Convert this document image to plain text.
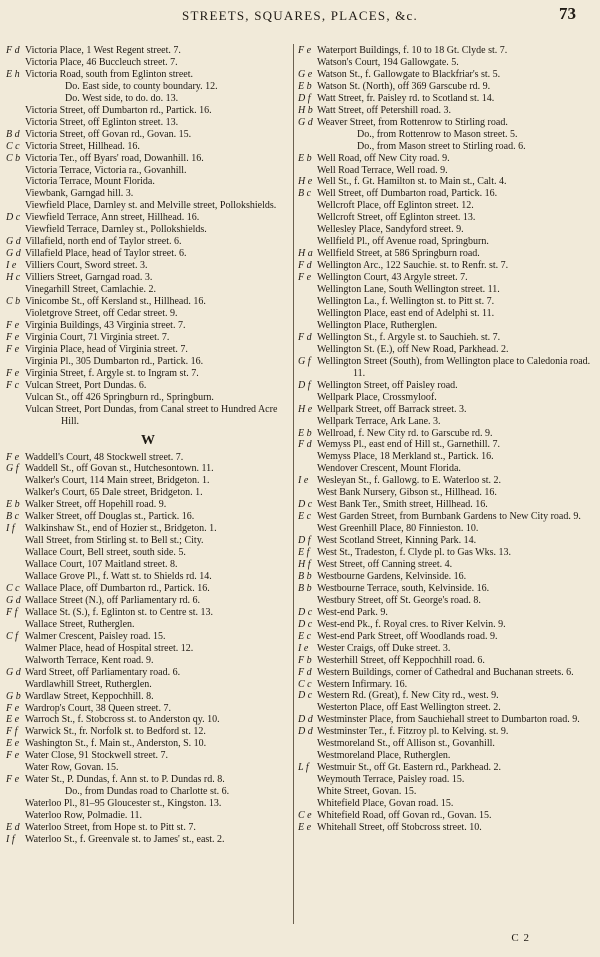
STREETS, SQUARES, PLACES, &c.	73
F d Victoria Place, 1 West Regent street. 7.
Victoria Place, 46 Buccleuch street. 7.
E h Victoria Road, south from Eglinton street.
Do. East side, to county boundary. 12.
Do. West side, to do. do. 13.
Victoria Street, off Dumbarton rd., Partick. 16.
Victoria Street, off Eglinton street. 13.
B d Victoria Street, off Govan rd., Govan. 15.
C c Victoria Street, Hillhead. 16.
C b Victoria Ter., off Byars' road, Dowanhill. 16.
Victoria Terrace, Victoria ra., Govanhill.
Victoria Terrace, Mount Florida.
Viewbank, Garngad hill. 3.
Viewfield Place, Darnley st. and Melville street, Pollokshields.
D c Viewfield Terrace, Ann street, Hillhead. 16.
Viewfield Terrace, Darnley st., Pollokshields.
G d Villafield, north end of Taylor street. 6.
G d Villafield Place, head of Taylor street. 6.
I e Villiers Court, Sword street. 3.
H c Villiers Street, Garngad road. 3.
Vinegarhill Street, Camlachie. 2.
C b Vinicombe St., off Kersland st., Hillhead. 16.
Violetgrove Street, off Cedar street. 9.
F e Virginia Buildings, 43 Virginia street. 7.
F e Virginia Court, 71 Virginia street. 7.
F e Virginia Place, head of Virginia street. 7.
Virginia Pl., 305 Dumbarton rd., Partick. 16.
F e Virginia Street, f. Argyle st. to Ingram st. 7.
F c Vulcan Street, Port Dundas. 6.
Vulcan St., off 426 Springburn rd., Springburn.
Vulcan Street, Port Dundas, from Canal street to Hundred Acre Hill.
W
F e Waddell's Court, 48 Stockwell street. 7.
G f Waddell St., off Govan st., Hutchesontown. 11.
Walker's Court, 114 Main street, Bridgeton. 1.
Walker's Court, 65 Dale street, Bridgeton. 1.
E b Walker Street, off Hopehill road. 9.
B c Walker Street, off Douglas st., Partick. 16.
I f	Walkinshaw St., end of Hozier st., Bridgeton. 1.
Wall Street, from Stirling st. to Bell st.; City.
Wallace Court, Bell street, south side. 5.
Wallace Court, 107 Maitland street. 8.
Wallace Grove Pl., f. Watt st. to Shields rd. 14.
C c Wallace Place, off Dumbarton rd., Partick. 16.
G d Wallace Street (N.), off Parliamentary rd. 6.
F f Wallace St. (S.), f. Eglinton st. to Centre st. 13.
Wallace Street, Rutherglen.
C f Walmer Crescent, Paisley road. 15.
Walmer Place, head of Hospital street. 12.
Walworth Terrace, Kent road. 9.
G d Ward Street, off Parliamentary road. 6.
Wardlawhill Street, Rutherglen.
G b Wardlaw Street, Keppochhill. 8.
F e Wardrop's Court, 38 Queen street. 7.
E e Warroch St., f. Stobcross st. to Anderston qy. 10.
F f Warwick St., fr. Norfolk st. to Bedford st. 12.
E e Washington St., f. Main st., Anderston, S. 10.
F e Water Close, 91 Stockwell street. 7.
Water Row, Govan. 15.
F e Water St., P. Dundas, f. Ann st. to P. Dundas rd. 8.
Do., from Dundas road to Charlotte st. 6.
Waterloo Pl., 81–95 Gloucester st., Kingston. 13.
Waterloo Row, Polmadie. 11.
E d Waterloo Street, from Hope st. to Pitt st. 7.
I f	Waterloo St., f. Greenvale st. to James' st., east. 2.
F e Waterport Buildings, f. 10 to 18 Gt. Clyde st. 7.
Watson's Court, 194 Gallowgate. 5.
G e Watson St., f. Gallowgate to Blackfriar's st. 5.
E b Watson St. (North), off 369 Garscube rd. 9.
D f Watt Street, fr. Paisley rd. to Scotland st. 14.
H b Watt Street, off Petershill road. 3.
G d Weaver Street, from Rottenrow to Stirling road.
Do., from Rottenrow to Mason street. 5.
Do., from Mason street to Stirling road. 6.
E b Well Road, off New City road. 9.
Well Road Terrace, Well road. 9.
H e Well St., f. Gt. Hamilton st. to Main st., Calt. 4.
B c Well Street, off Dumbarton road, Partick. 16.
Wellcroft Place, off Eglinton street. 12.
Wellcroft Street, off Eglinton street. 13.
Wellesley Place, Sandyford street. 9.
Wellfield Pl., off Avenue road, Springburn.
H a Wellfield Street, at 586 Springburn road.
F d Wellington Arc., 122 Sauchie. st. to Renfr. st. 7.
F e Wellington Court, 43 Argyle street. 7.
Wellington Lane, South Wellington street. 11.
Wellington La., f. Wellington st. to Pitt st. 7.
Wellington Place, east end of Adelphi st. 11.
Wellington Place, Rutherglen.
F d Wellington St., f. Argyle st. to Sauchieh. st. 7.
Wellington St. (E.), off New Road, Parkhead. 2.
G f Wellington Street (South), from Wellington place to Caledonia road. 11.
D f Wellington Street, off Paisley road.
Wellpark Place, Crossmyloof.
H e Wellpark Street, off Barrack street. 3.
Wellpark Terrace, Ark Lane. 3.
E b Wellroad, f. New City rd. to Garscube rd. 9.
F d Wemyss Pl., east end of Hill st., Garnethill. 7.
Wemyss Place, 18 Merkland st., Partick. 16.
Wendover Crescent, Mount Florida.
I e Wesleyan St., f. Gallowg. to E. Waterloo st. 2.
West Bank Nursery, Gibson st., Hillhead. 16.
D c West Bank Ter., Smith street, Hillhead. 16.
E c West Garden Street, from Burnbank Gardens to New City road. 9.
West Greenhill Place, 80 Finnieston. 10.
D f West Scotland Street, Kinning Park. 14.
E f West St., Tradeston, f. Clyde pl. to Gas Wks. 13.
H f West Street, off Canning street. 4.
B b Westbourne Gardens, Kelvinside. 16.
B b Westbourne Terrace, south, Kelvinside. 16.
Westbury Street, off St. George's road. 8.
D c West-end Park. 9.
D c West-end Pk., f. Royal cres. to River Kelvin. 9.
E c West-end Park Street, off Woodlands road. 9.
I e Wester Craigs, off Duke street. 3.
F b Westerhill Street, off Keppochhill road. 6.
F d Western Buildings, corner of Cathedral and Buchanan streets. 6.
C c Western Infirmary. 16.
D c Western Rd. (Great), f. New City rd., west. 9.
Westerton Place, off East Wellington street. 2.
D d Westminster Place, from Sauchiehall street to Dumbarton road. 9.
D d Westminster Ter., f. Fitzroy pl. to Kelving. st. 9.
Westmoreland St., off Allison st., Govanhill.
Westmoreland Place, Rutherglen.
L f Westmuir St., off Gt. Eastern rd., Parkhead. 2.
Weymouth Terrace, Paisley road. 15.
White Street, Govan. 15.
Whitefield Place, Govan road. 15.
C e Whitefield Road, off Govan rd., Govan. 15.
E e Whitehall Street, off Stobcross street. 10.
C 2
